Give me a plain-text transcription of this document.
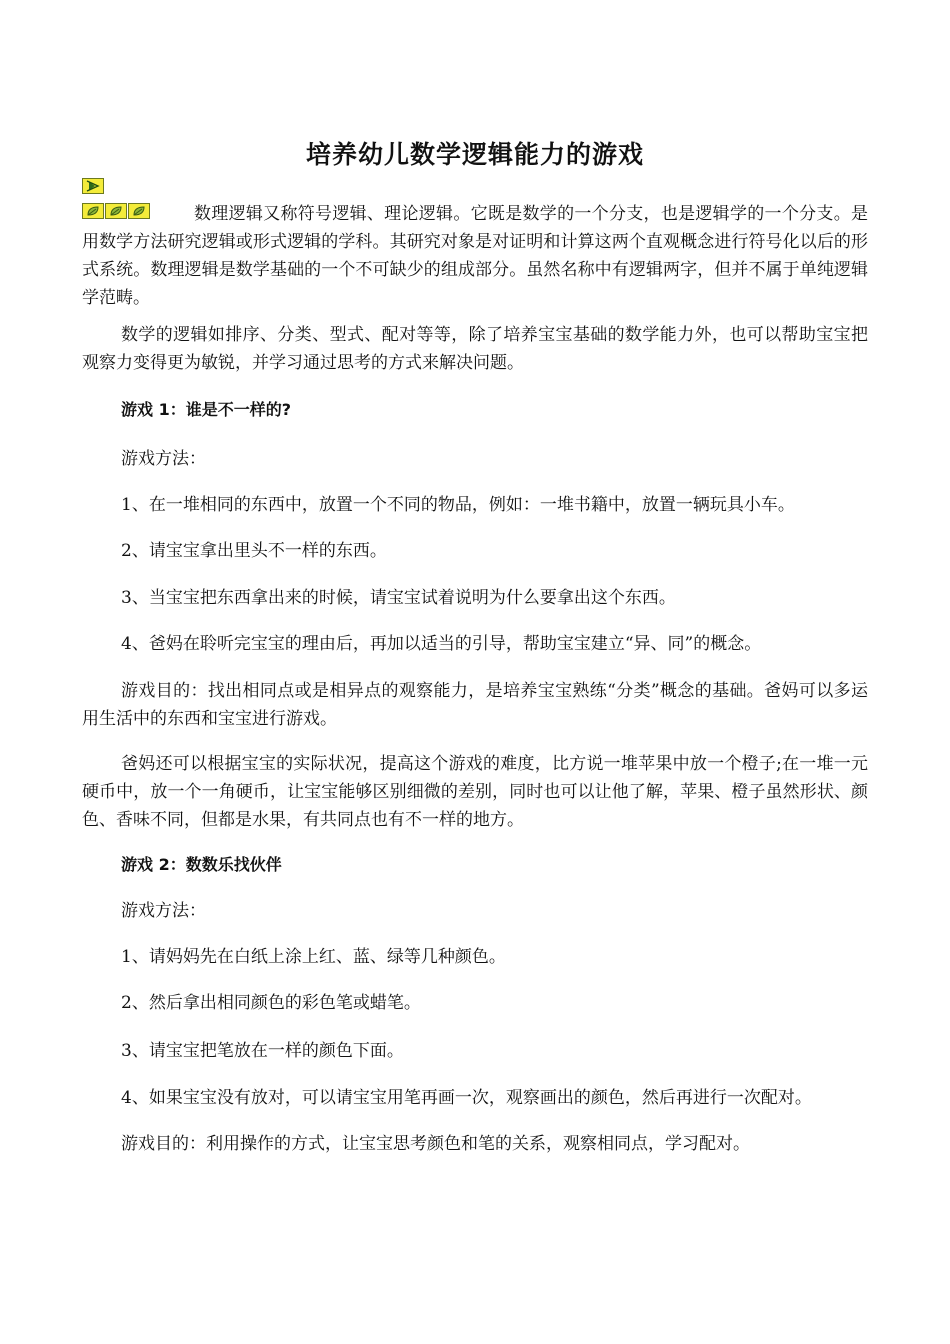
培养幼儿数学逻辑能力的游戏

数理逻辑又称符号逻辑、理论逻辑。它既是数学的一个分支，也是逻辑学的一个分支。是用数学方法研究逻辑或形式逻辑的学科。其研究对象是对证明和计算这两个直观概念进行符号化以后的形式系统。数理逻辑是数学基础的一个不可缺少的组成部分。虽然名称中有逻辑两字，但并不属于单纯逻辑学范畴。

数学的逻辑如排序、分类、型式、配对等等，除了培养宝宝基础的数学能力外，也可以帮助宝宝把观察力变得更为敏锐，并学习通过思考的方式来解决问题。

游戏 1：谁是不一样的?

游戏方法：

1、在一堆相同的东西中，放置一个不同的物品，例如：一堆书籍中，放置一辆玩具小车。

2、请宝宝拿出里头不一样的东西。

3、当宝宝把东西拿出来的时候，请宝宝试着说明为什么要拿出这个东西。

4、爸妈在聆听完宝宝的理由后，再加以适当的引导，帮助宝宝建立“异、同”的概念。

游戏目的：找出相同点或是相异点的观察能力，是培养宝宝熟练“分类”概念的基础。爸妈可以多运用生活中的东西和宝宝进行游戏。

爸妈还可以根据宝宝的实际状况，提高这个游戏的难度，比方说一堆苹果中放一个橙子;在一堆一元硬币中，放一个一角硬币，让宝宝能够区别细微的差别，同时也可以让他了解，苹果、橙子虽然形状、颜色、香味不同，但都是水果，有共同点也有不一样的地方。

游戏 2：数数乐找伙伴

游戏方法：

1、请妈妈先在白纸上涂上红、蓝、绿等几种颜色。

2、然后拿出相同颜色的彩色笔或蜡笔。

3、请宝宝把笔放在一样的颜色下面。

4、如果宝宝没有放对，可以请宝宝用笔再画一次，观察画出的颜色，然后再进行一次配对。

游戏目的：利用操作的方式，让宝宝思考颜色和笔的关系，观察相同点，学习配对。
